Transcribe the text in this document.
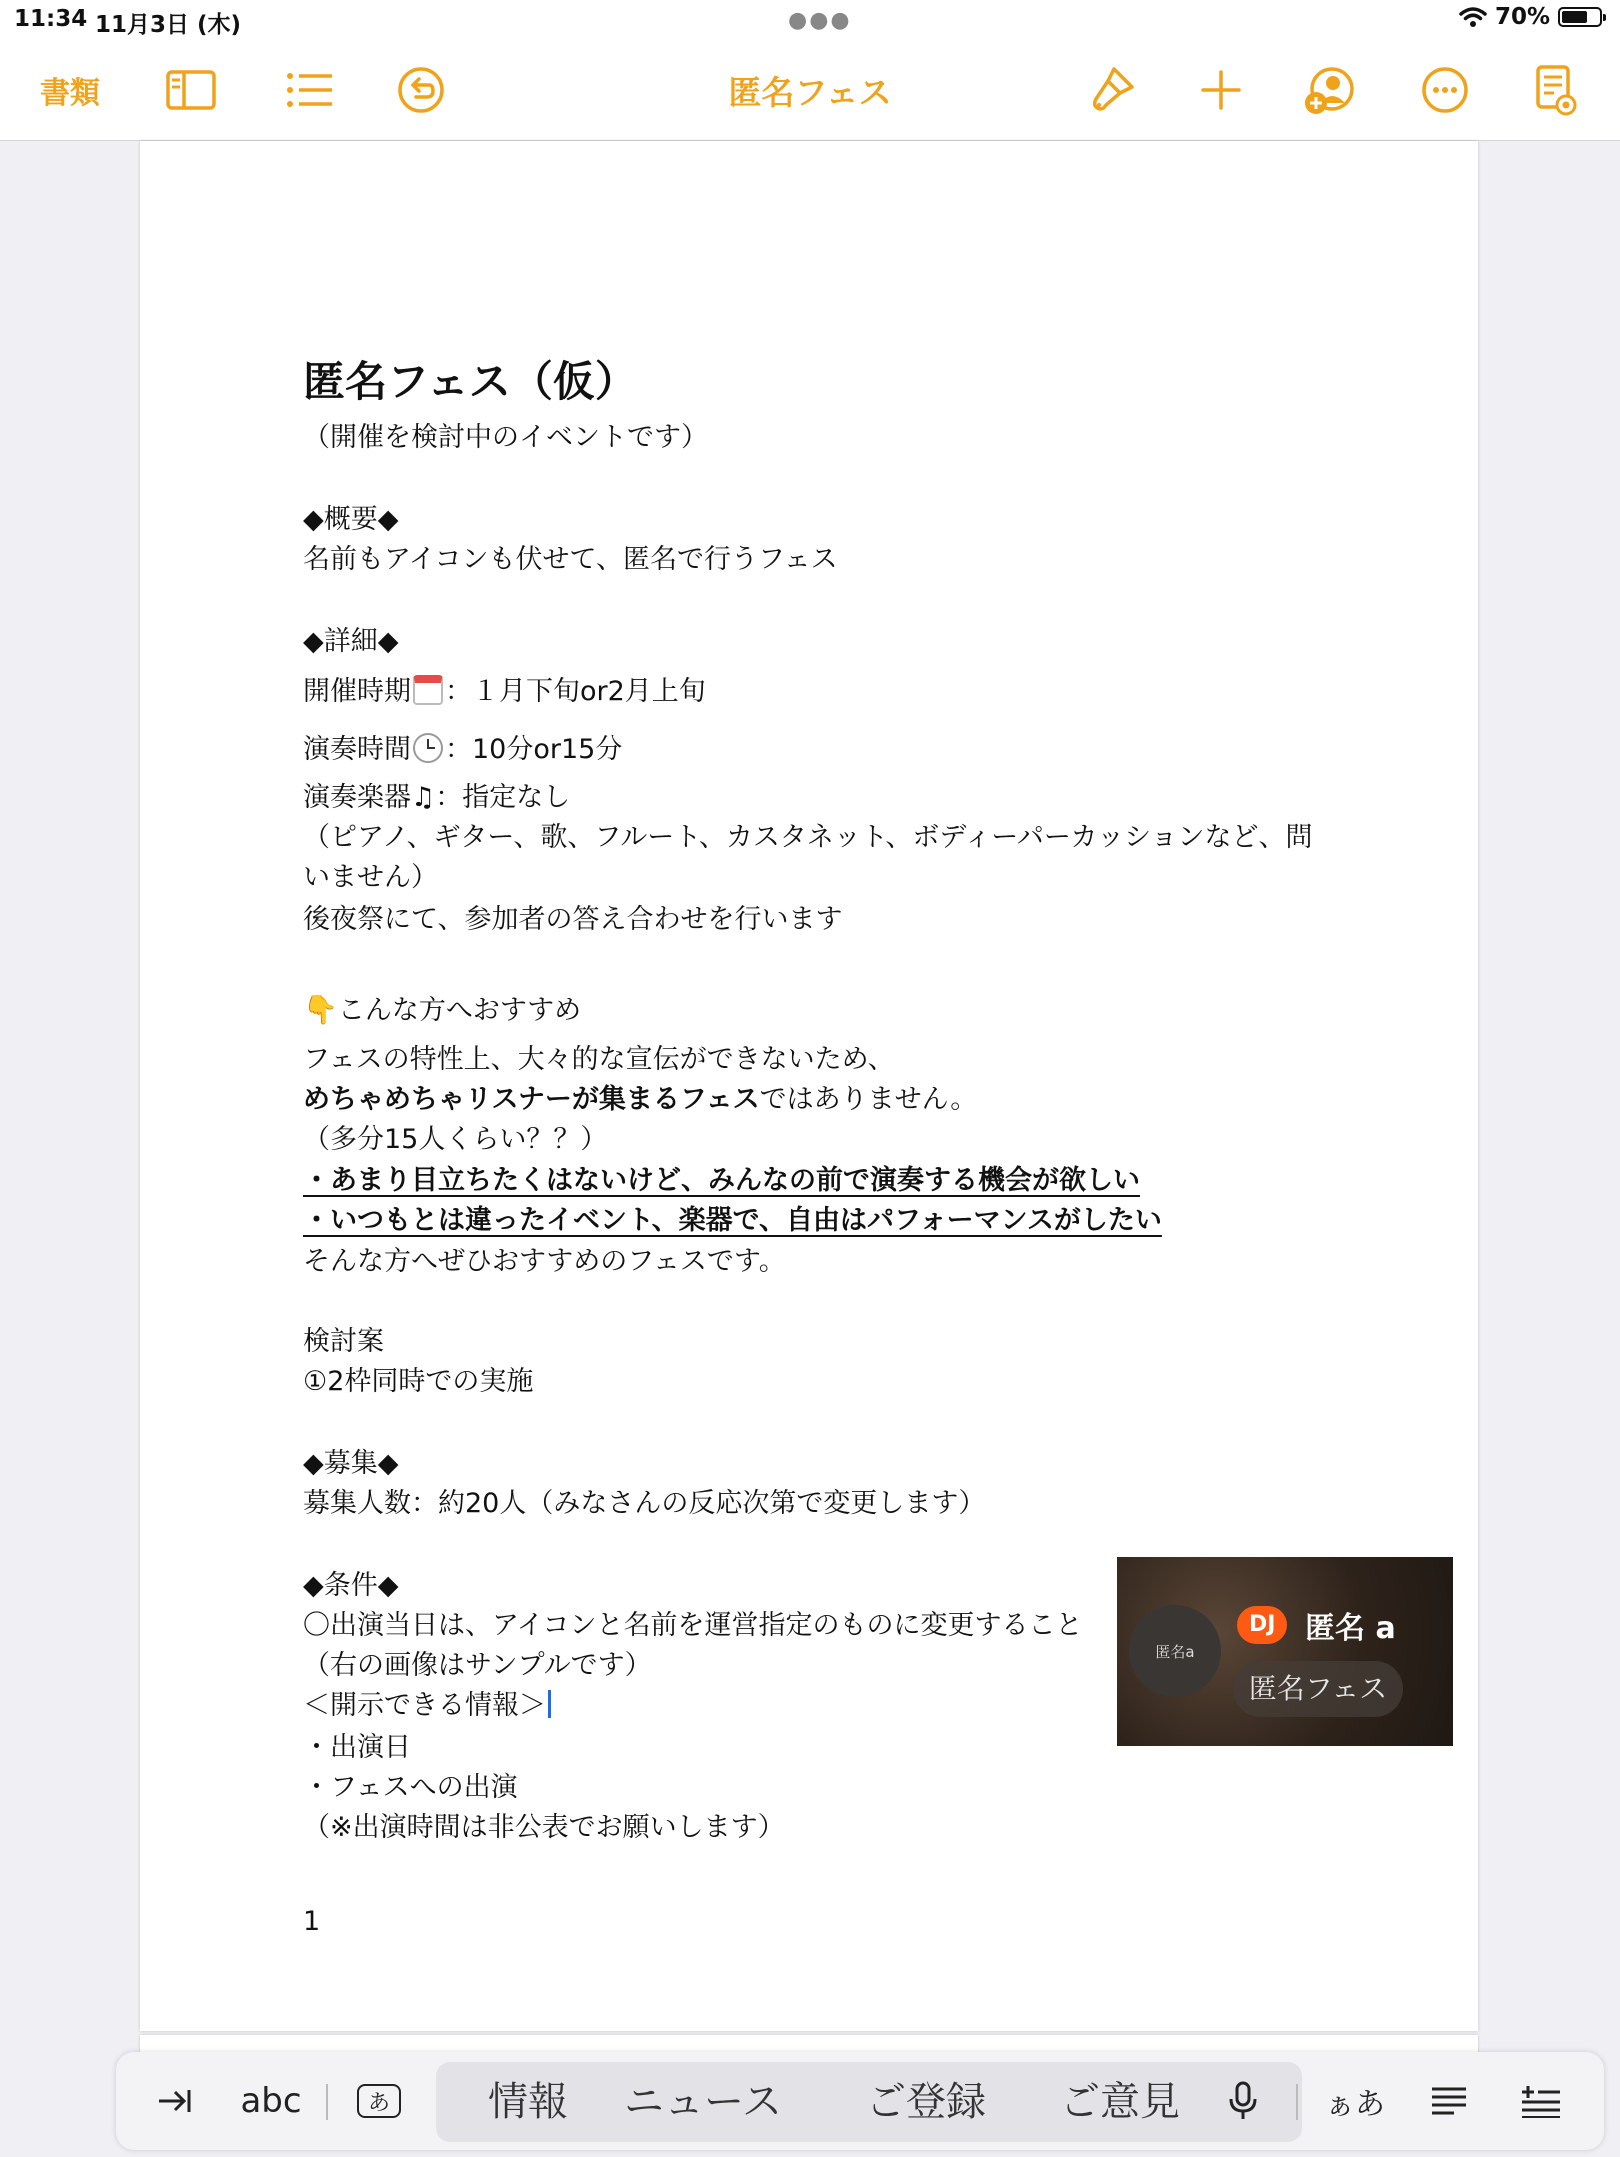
11:34 11月3日 (木)	●●●	70%
書類	匿名フェス
匿名フェス（仮）
（開催を検討中のイベントです）
◆概要◆
名前もアイコンも伏せて、匿名で行うフェス
◆詳細◆
開催時期 ：１月下旬or2月上旬
演奏時間 ：10分or15分
演奏楽器♫：指定なし
（ピアノ、ギター、歌、フルート、カスタネット、ボディーパーカッションなど、問
いません）
後夜祭にて、参加者の答え合わせを行います
👇こんな方へおすすめ
フェスの特性上、大々的な宣伝ができないため、
めちゃめちゃリスナーが集まるフェスではありません。
（多分15人くらい？？）
・あまり目立ちたくはないけど、みんなの前で演奏する機会が欲しい
・いつもとは違ったイベント、楽器で、自由はパフォーマンスがしたい
そんな方へぜひおすすめのフェスです。
検討案
①2枠同時での実施
◆募集◆
募集人数：約20人（みなさんの反応次第で変更します）
◆条件◆
〇出演当日は、アイコンと名前を運営指定のものに変更すること
（右の画像はサンプルです）
＜開示できる情報＞
・出演日
・フェスへの出演
（※出演時間は非公表でお願いします）
1
匿名a
DJ 匿名 a
匿名フェス
abc	あ 情報 ニュース ご登録 ご意見	ぁあ
